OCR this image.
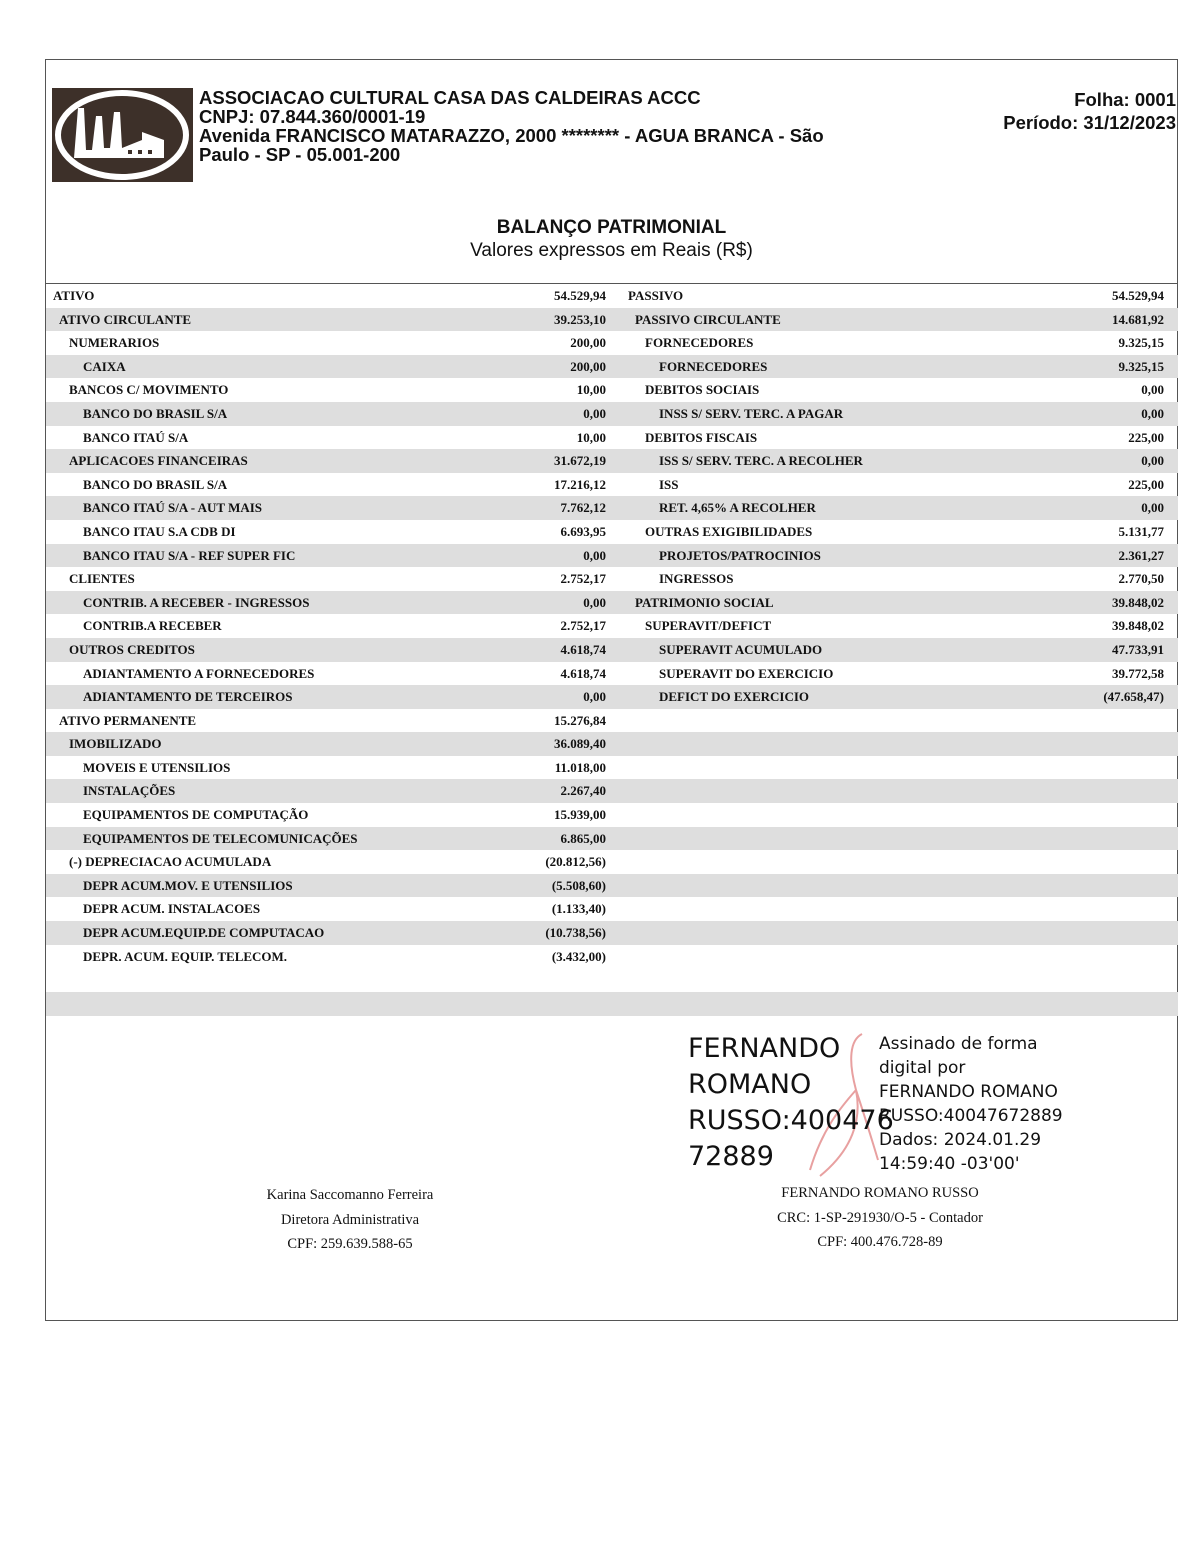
ASSOCIACAO CULTURAL CASA DAS CALDEIRAS ACCC
CNPJ: 07.844.360/0001-19
Avenida FRANCISCO MATARAZZO, 2000 ******** - AGUA BRANCA - São
Paulo - SP - 05.001-200
Folha: 0001
Período: 31/12/2023
BALANÇO PATRIMONIAL
Valores expressos em Reais (R$)
ATIVO	54.529,94 PASSIVO	54.529,94
ATIVO CIRCULANTE	39.253,10 PASSIVO CIRCULANTE	14.681,92
NUMERARIOS	200,00	FORNECEDORES	9.325,15
CAIXA	200,00	FORNECEDORES	9.325,15
BANCOS C/ MOVIMENTO	10,00	DEBITOS SOCIAIS	0,00
BANCO DO BRASIL S/A	0,00	INSS S/ SERV. TERC. A PAGAR	0,00
BANCO ITAÚ S/A	10,00	DEBITOS FISCAIS	225,00
APLICACOES FINANCEIRAS	31.672,19	ISS S/ SERV. TERC. A RECOLHER	0,00
BANCO DO BRASIL S/A	17.216,12	ISS	225,00
BANCO ITAÚ S/A - AUT MAIS	7.762,12	RET. 4,65% A RECOLHER	0,00
BANCO ITAU S.A CDB DI	6.693,95	OUTRAS EXIGIBILIDADES	5.131,77
BANCO ITAU S/A - REF SUPER FIC	0,00	PROJETOS/PATROCINIOS	2.361,27
CLIENTES	2.752,17	INGRESSOS	2.770,50
CONTRIB. A RECEBER - INGRESSOS	0,00 PATRIMONIO SOCIAL	39.848,02
CONTRIB.A RECEBER	2.752,17	SUPERAVIT/DEFICT	39.848,02
OUTROS CREDITOS	4.618,74	SUPERAVIT ACUMULADO	47.733,91
ADIANTAMENTO A FORNECEDORES	4.618,74	SUPERAVIT DO EXERCICIO	39.772,58
ADIANTAMENTO DE TERCEIROS	0,00	DEFICT DO EXERCICIO	(47.658,47)
ATIVO PERMANENTE	15.276,84
IMOBILIZADO	36.089,40
MOVEIS E UTENSILIOS	11.018,00
INSTALAÇÕES	2.267,40
EQUIPAMENTOS DE COMPUTAÇÃO	15.939,00
EQUIPAMENTOS DE TELECOMUNICAÇÕES	6.865,00
(-) DEPRECIACAO ACUMULADA	(20.812,56)
DEPR ACUM.MOV. E UTENSILIOS	(5.508,60)
DEPR ACUM. INSTALACOES	(1.133,40)
DEPR ACUM.EQUIP.DE COMPUTACAO	(10.738,56)
DEPR. ACUM. EQUIP. TELECOM.	(3.432,00)
FERNANDO
ROMANO
RUSSO:400476
72889
Assinado de forma
digital por
FERNANDO ROMANO
RUSSO:40047672889
Dados: 2024.01.29
14:59:40 -03'00'
Karina Saccomanno Ferreira
Diretora Administrativa
CPF: 259.639.588-65
FERNANDO ROMANO RUSSO
CRC: 1-SP-291930/O-5 - Contador
CPF: 400.476.728-89
